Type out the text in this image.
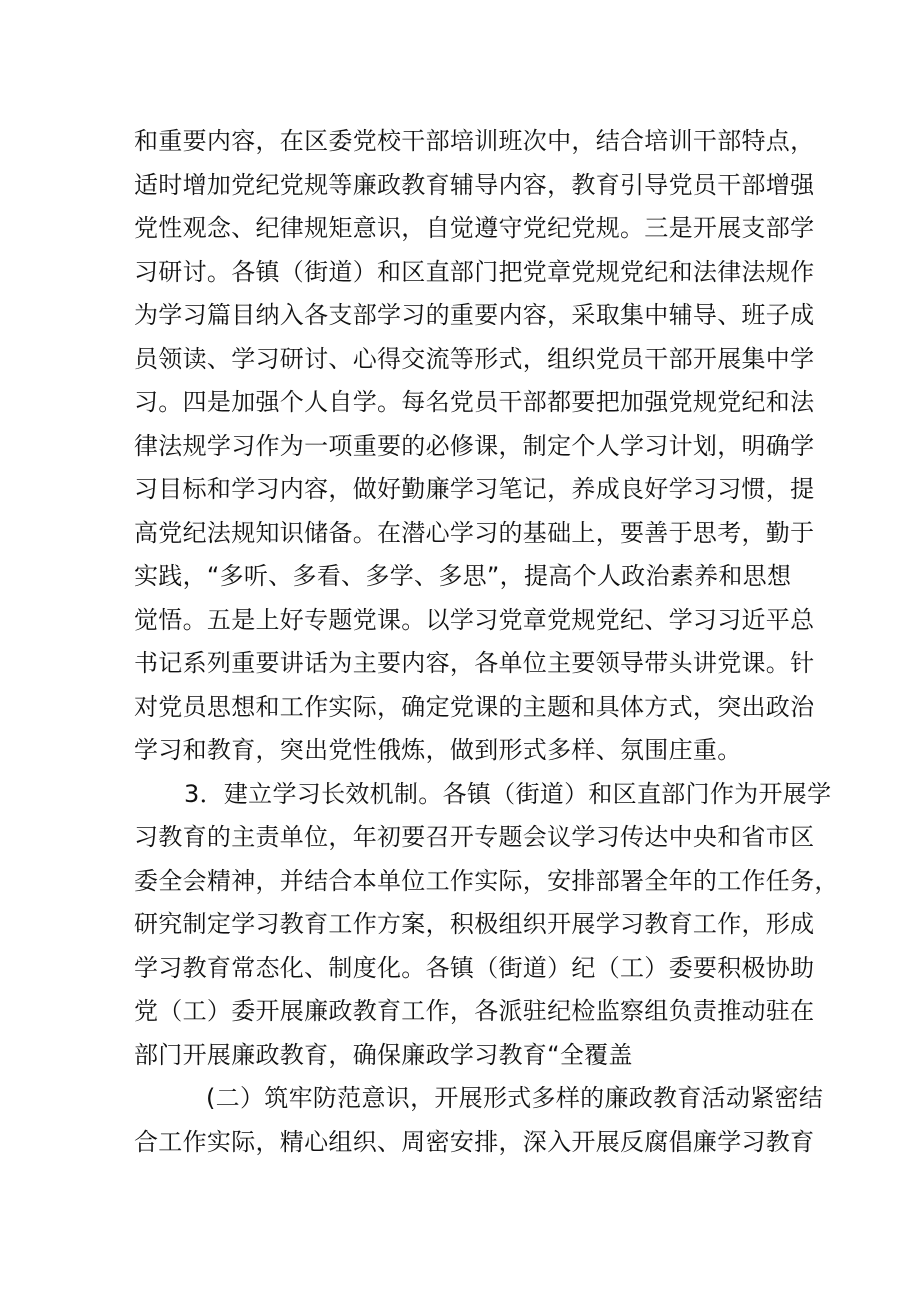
和重要内容，在区委党校干部培训班次中，结合培训干部特点，
适时增加党纪党规等廉政教育辅导内容，教育引导党员干部增强
党性观念、纪律规矩意识，自觉遵守党纪党规。三是开展支部学
习研讨。各镇（街道）和区直部门把党章党规党纪和法律法规作
为学习篇目纳入各支部学习的重要内容，采取集中辅导、班子成
员领读、学习研讨、心得交流等形式，组织党员干部开展集中学
习。四是加强个人自学。每名党员干部都要把加强党规党纪和法
律法规学习作为一项重要的必修课，制定个人学习计划，明确学
习目标和学习内容，做好勤廉学习笔记，养成良好学习习惯，提
高党纪法规知识储备。在潜心学习的基础上，要善于思考，勤于
实践，“多听、多看、多学、多思”，提高个人政治素养和思想
觉悟。五是上好专题党课。以学习党章党规党纪、学习习近平总
书记系列重要讲话为主要内容，各单位主要领导带头讲党课。针
对党员思想和工作实际，确定党课的主题和具体方式，突出政治
学习和教育，突出党性俄炼，做到形式多样、氛围庄重。

3．建立学习长效机制。各镇（街道）和区直部门作为开展学
习教育的主责单位，年初要召开专题会议学习传达中央和省市区
委全会精神，并结合本单位工作实际，安排部署全年的工作任务，
研究制定学习教育工作方案，积极组织开展学习教育工作，形成
学习教育常态化、制度化。各镇（街道）纪（工）委要积极协助
党（工）委开展廉政教育工作，各派驻纪检监察组负责推动驻在
部门开展廉政教育，确保廉政学习教育“全覆盖

(二）筑牢防范意识，开展形式多样的廉政教育活动紧密结
合工作实际，精心组织、周密安排，深入开展反腐倡廉学习教育
